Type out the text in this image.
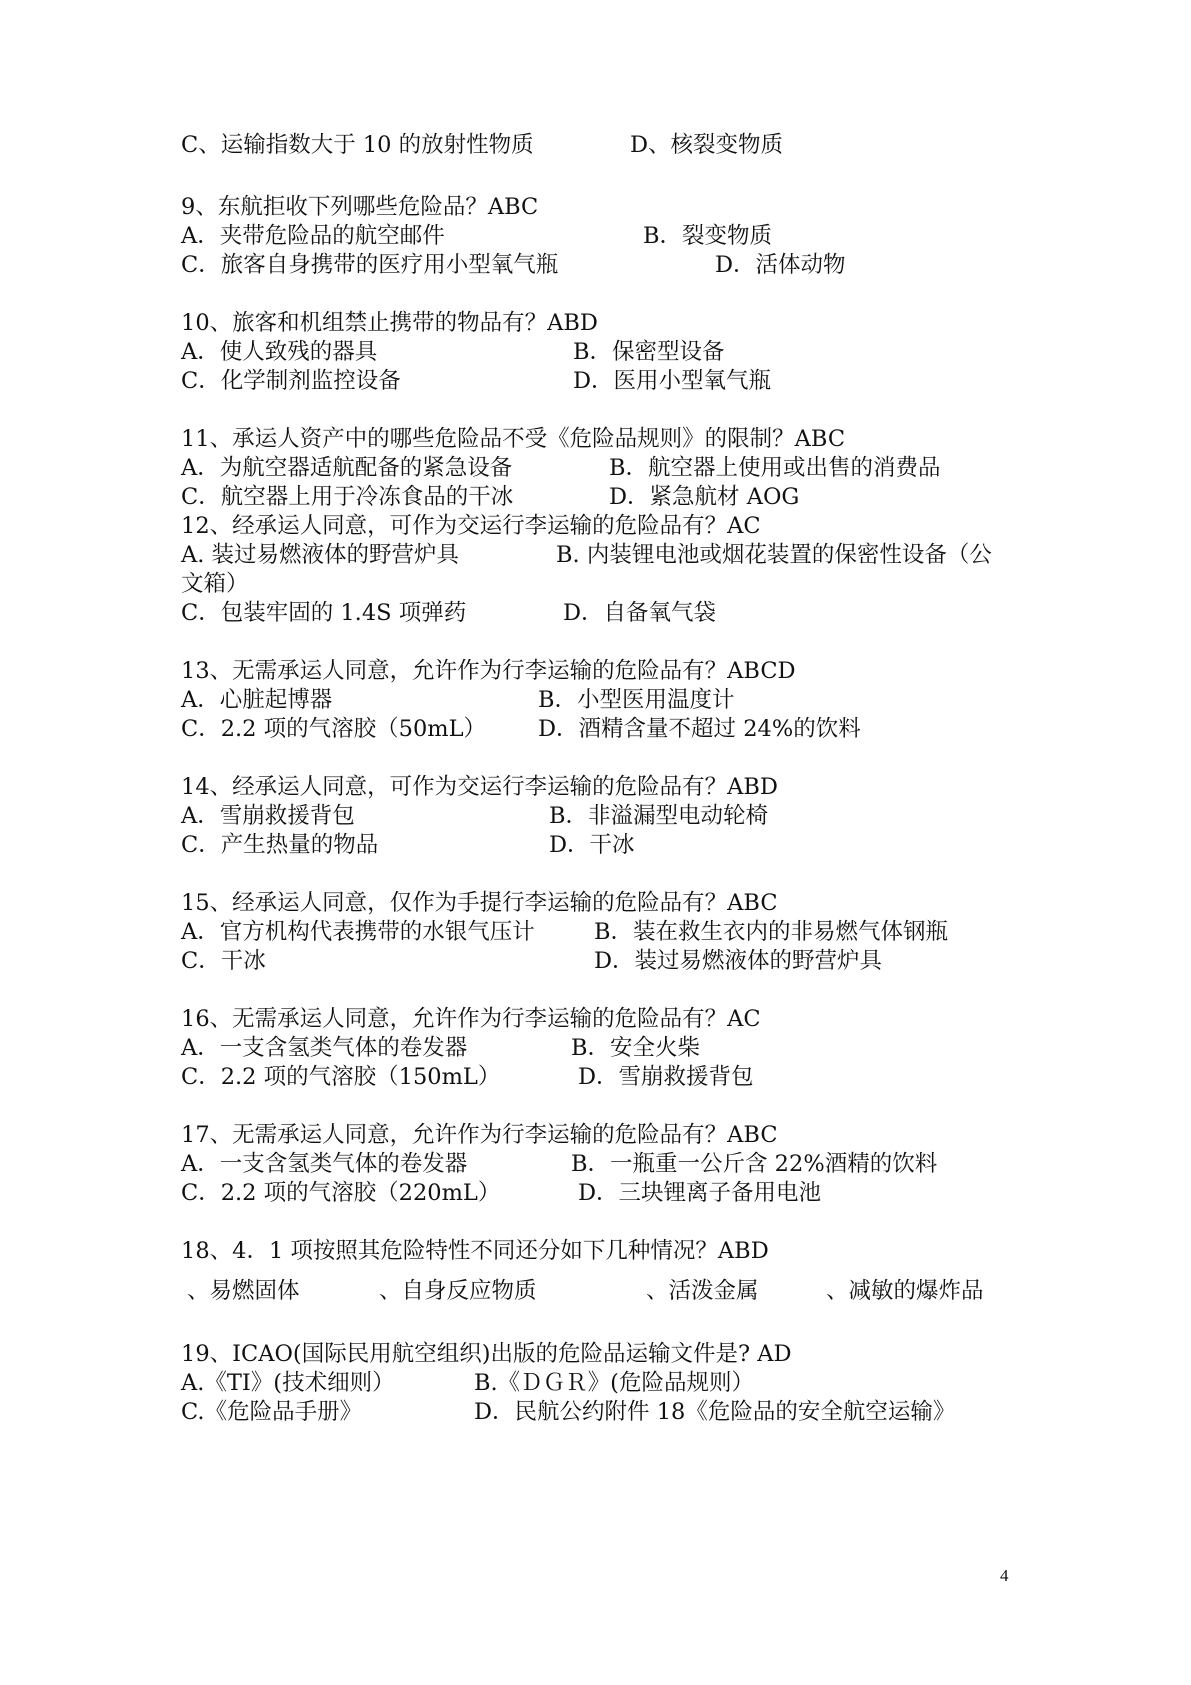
C、运输指数大于 10 的放射性物质	D、核裂变物质
9、东航拒收下列哪些危险品？ABC
A．夹带危险品的航空邮件	B．裂变物质
C．旅客自身携带的医疗用小型氧气瓶	D．活体动物
10、旅客和机组禁止携带的物品有？ABD
A．使人致残的器具	B．保密型设备
C．化学制剂监控设备	D．医用小型氧气瓶
11、承运人资产中的哪些危险品不受《危险品规则》的限制？ABC
A．为航空器适航配备的紧急设备	B．航空器上使用或出售的消费品
C．航空器上用于冷冻食品的干冰	D．紧急航材 AOG
12、经承运人同意，可作为交运行李运输的危险品有？AC
A. 装过易燃液体的野营炉具	B. 内装锂电池或烟花装置的保密性设备（公
文箱）
C．包装牢固的 1.4S 项弹药	D．自备氧气袋
13、无需承运人同意，允许作为行李运输的危险品有？ABCD
A．心脏起博器	B．小型医用温度计
C．2.2 项的气溶胶（50mL） D．酒精含量不超过 24%的饮料
14、经承运人同意，可作为交运行李运输的危险品有？ABD
A．雪崩救援背包	B．非溢漏型电动轮椅
C．产生热量的物品	D．干冰
15、经承运人同意，仅作为手提行李运输的危险品有？ABC
A．官方机构代表携带的水银气压计	B．装在救生衣内的非易燃气体钢瓶
C．干冰	D．装过易燃液体的野营炉具
16、无需承运人同意，允许作为行李运输的危险品有？AC
A．一支含氢类气体的卷发器	B．安全火柴
C．2.2 项的气溶胶（150mL）	D．雪崩救援背包
17、无需承运人同意，允许作为行李运输的危险品有？ABC
A．一支含氢类气体的卷发器	B．一瓶重一公斤含 22%酒精的饮料
C．2.2 项的气溶胶（220mL）	D．三块锂离子备用电池
18、4．1 项按照其危险特性不同还分如下几种情况？ABD
、易燃固体	、自身反应物质	、活泼金属	、减敏的爆炸品
19、ICAO(国际民用航空组织)出版的危险品运输文件是? AD
A.《TI》(技术细则）	B.《ＤＧＲ》(危险品规则）
C.《危险品手册》	D．民航公约附件 18《危险品的安全航空运输》
4
